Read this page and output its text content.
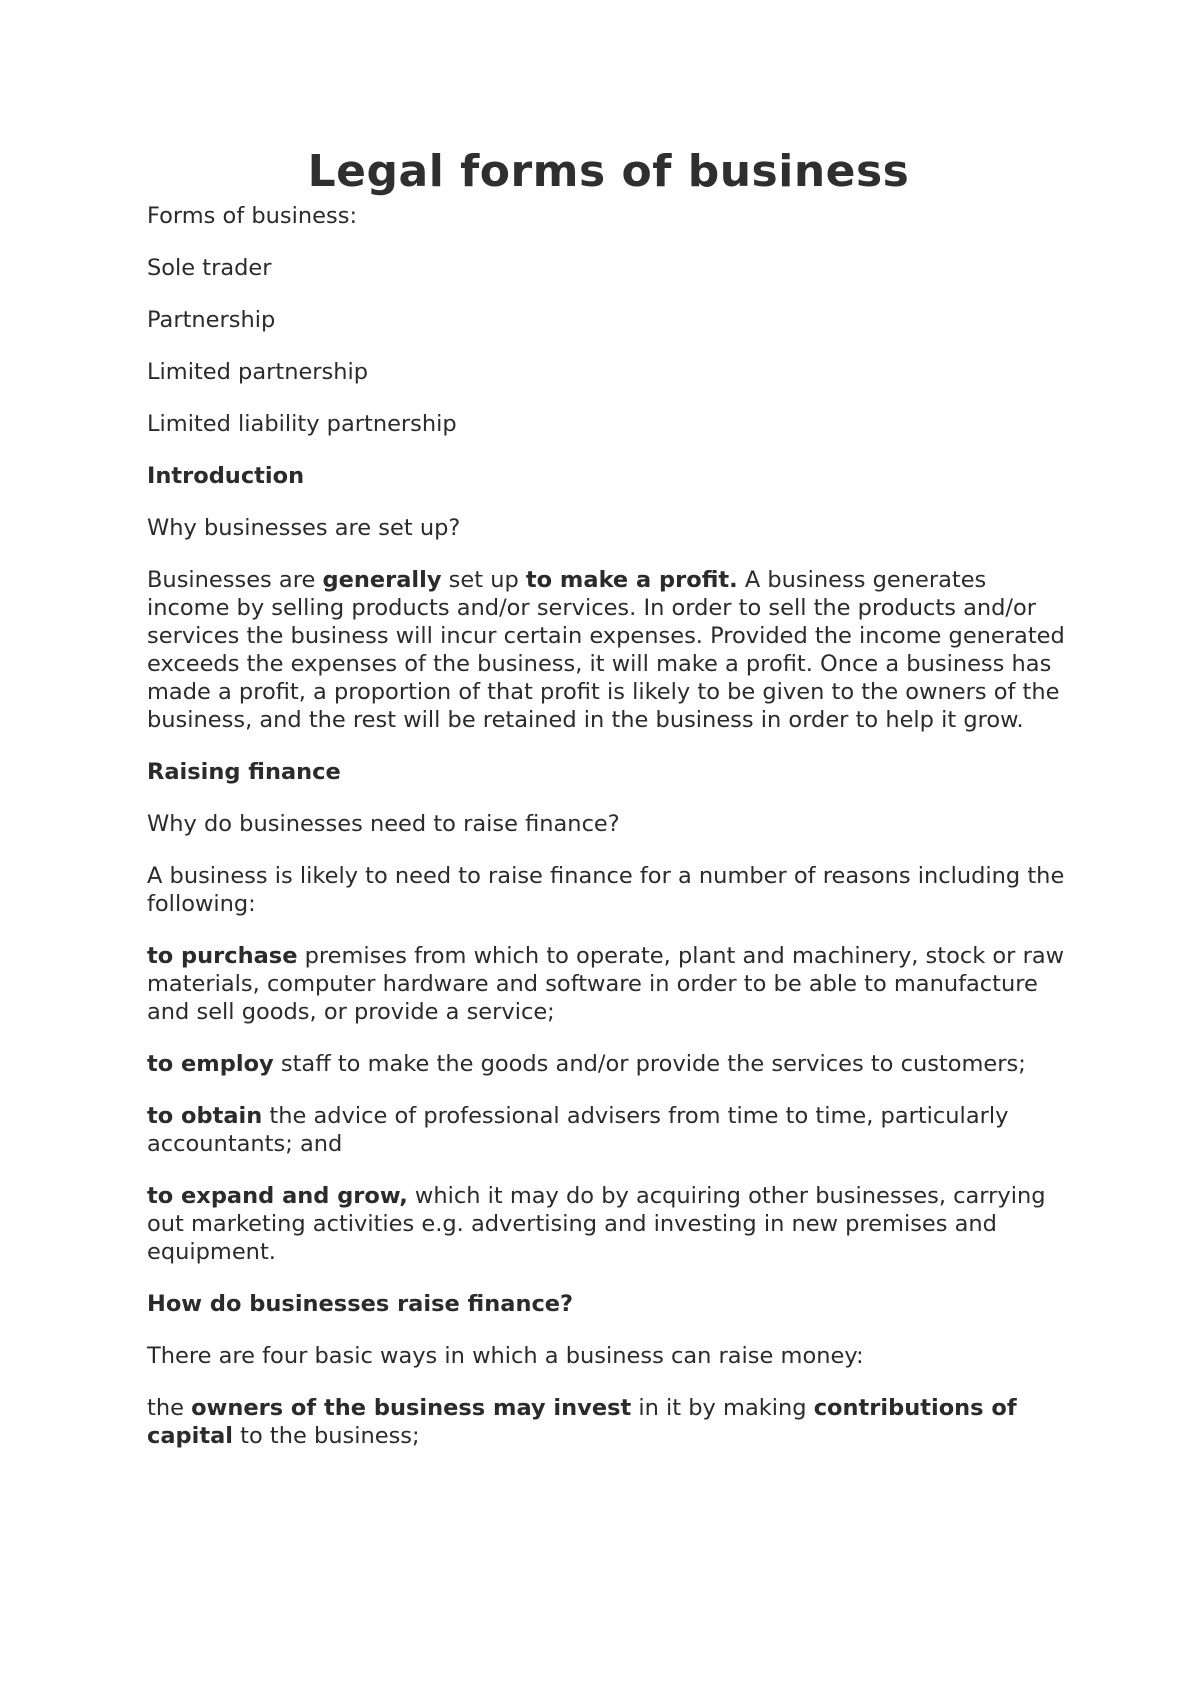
Legal forms of business

Forms of business:

Sole trader

Partnership

Limited partnership

Limited liability partnership

Introduction

Why businesses are set up?

Businesses are generally set up to make a profit. A business generates income by selling products and/or services. In order to sell the products and/or services the business will incur certain expenses. Provided the income generated exceeds the expenses of the business, it will make a profit. Once a business has made a profit, a proportion of that profit is likely to be given to the owners of the business, and the rest will be retained in the business in order to help it grow.

Raising finance

Why do businesses need to raise finance?

A business is likely to need to raise finance for a number of reasons including the following:

to purchase premises from which to operate, plant and machinery, stock or raw materials, computer hardware and software in order to be able to manufacture and sell goods, or provide a service;

to employ staff to make the goods and/or provide the services to customers;

to obtain the advice of professional advisers from time to time, particularly accountants; and

to expand and grow, which it may do by acquiring other businesses, carrying out marketing activities e.g. advertising and investing in new premises and equipment.

How do businesses raise finance?

There are four basic ways in which a business can raise money:

the owners of the business may invest in it by making contributions of capital to the business;
